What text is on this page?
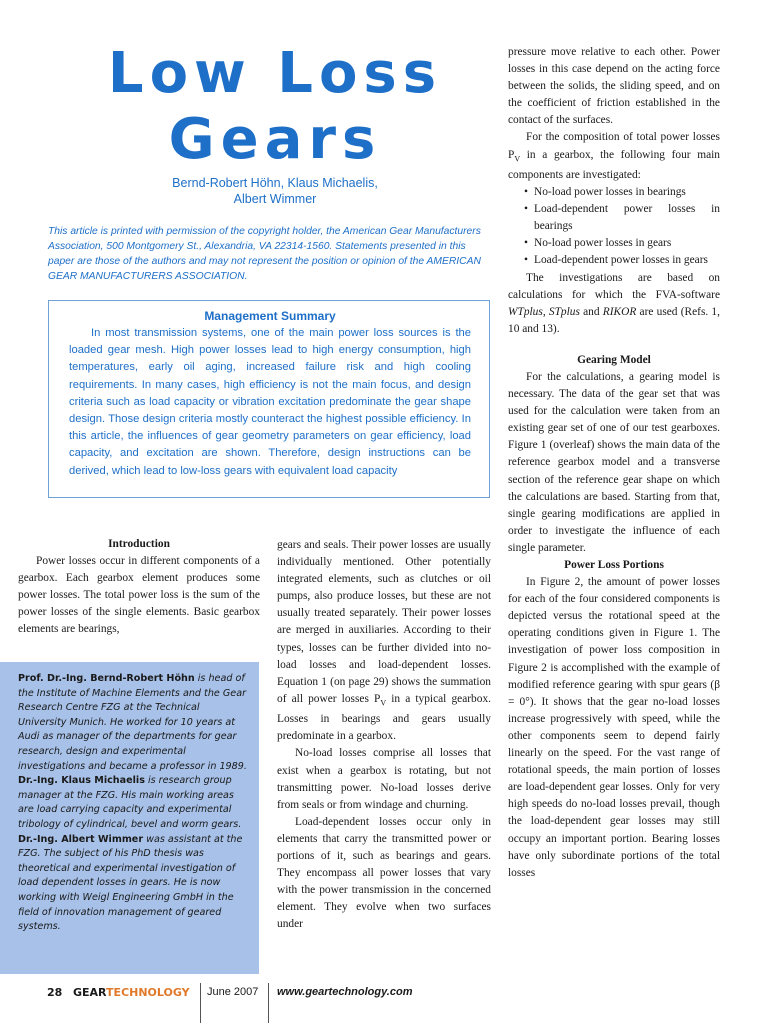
Low Loss
Gears
Bernd-Robert Höhn, Klaus Michaelis,
Albert Wimmer
This article is printed with permission of the copyright holder, the American Gear Manufacturers Association, 500 Montgomery St., Alexandria, VA 22314-1560. Statements presented in this paper are those of the authors and may not represent the position or opinion of the AMERICAN GEAR MANUFACTURERS ASSOCIATION.
Management Summary
In most transmission systems, one of the main power loss sources is the loaded gear mesh. High power losses lead to high energy consumption, high temperatures, early oil aging, increased failure risk and high cooling requirements. In many cases, high efficiency is not the main focus, and design criteria such as load capacity or vibration excitation predominate the gear shape design. Those design criteria mostly counteract the highest possible efficiency. In this article, the influences of gear geometry parameters on gear efficiency, load capacity, and excitation are shown. Therefore, design instructions can be derived, which lead to low-loss gears with equivalent load capacity

Introduction

Power losses occur in different components of a gearbox. Each gearbox element produces some power losses. The total power loss is the sum of the power losses of the single elements. Basic gearbox elements are bearings,

Prof. Dr.-Ing. Bernd-Robert Höhn is head of the Institute of Machine Elements and the Gear Research Centre FZG at the Technical University Munich. He worked for 10 years at Audi as manager of the departments for gear research, design and experimental investigations and became a professor in 1989.
Dr.-Ing. Klaus Michaelis is research group manager at the FZG. His main working areas are load carrying capacity and experimental tribology of cylindrical, bevel and worm gears.
Dr.-Ing. Albert Wimmer was assistant at the FZG. The subject of his PhD thesis was theoretical and experimental investigation of load dependent losses in gears. He is now working with Weigl Engineering GmbH in the field of innovation management of geared systems.

gears and seals. Their power losses are usually individually mentioned. Other potentially integrated elements, such as clutches or oil pumps, also produce losses, but these are not usually treated separately. Their power losses are merged in auxiliaries. According to their types, losses can be further divided into no-load losses and load-dependent losses. Equation 1 (on page 29) shows the summation of all power losses $P_V$ in a typical gearbox. Losses in bearings and gears usually predominate in a gearbox.

No-load losses comprise all losses that exist when a gearbox is rotating, but not transmitting power. No-load losses derive from seals or from windage and churning.

Load-dependent losses occur only in elements that carry the transmitted power or portions of it, such as bearings and gears. They encompass all power losses that vary with the power transmission in the concerned element. They evolve when two surfaces under

pressure move relative to each other. Power losses in this case depend on the acting force between the solids, the sliding speed, and on the coefficient of friction established in the contact of the surfaces.

For the composition of total power losses $P_V$ in a gearbox, the following four main components are investigated:

• No-load power losses in bearings
• Load-dependent power losses in bearings
• No-load power losses in gears
• Load-dependent power losses in gears

The investigations are based on calculations for which the FVA-software WTplus, STplus and RIKOR are used (Refs. 1, 10 and 13).

Gearing Model

For the calculations, a gearing model is necessary. The data of the gear set that was used for the calculation were taken from an existing gear set of one of our test gearboxes. Figure 1 (overleaf) shows the main data of the reference gearbox model and a transverse section of the reference gear shape on which the calculations are based. Starting from that, single gearing modifications are applied in order to investigate the influence of each single parameter.

Power Loss Portions

In Figure 2, the amount of power losses for each of the four considered components is depicted versus the rotational speed at the operating conditions given in Figure 1. The investigation of power loss composition in Figure 2 is accomplished with the example of modified reference gearing with spur gears (β = 0°). It shows that the gear no-load losses increase progressively with speed, while the other components seem to depend fairly linearly on the speed. For the vast range of rotational speeds, the main portion of losses are load-dependent gear losses. Only for very high speeds do no-load losses prevail, though the load-dependent gear losses may still occupy an important portion. Bearing losses have only subordinate portions of the total losses

28 GEARTECHNOLOGY June 2007 www.geartechnology.com
